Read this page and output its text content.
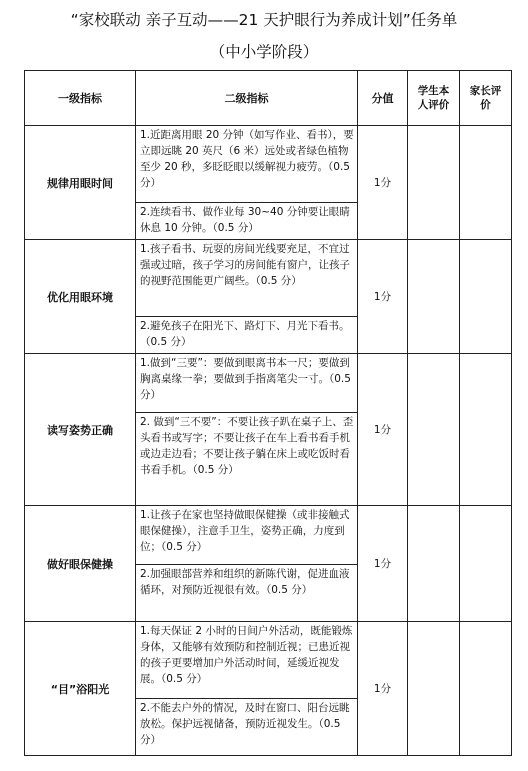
“家校联动 亲子互动——21 天护眼行为养成计划”任务单
（中小学阶段）
一级指标	二级指标	分值	学生本人评价	家长评价
规律用眼时间	1.近距离用眼 20 分钟（如写作业、看书），要立即远眺 20 英尺（6 米）远处或者绿色植物至少 20 秒，多眨眨眼以缓解视力疲劳。（0.5 分）	1分		
	2.连续看书、做作业每 30~40 分钟要让眼睛休息 10 分钟。（0.5 分）			
优化用眼环境	1.孩子看书、玩耍的房间光线要充足，不宜过强或过暗，孩子学习的房间能有窗户，让孩子的视野范围能更广阔些。（0.5 分）	1分		
	2.避免孩子在阳光下、路灯下、月光下看书。（0.5 分）			
读写姿势正确	1.做到“三要”：要做到眼离书本一尺；要做到胸离桌缘一拳；要做到手指离笔尖一寸。（0.5 分）	1分		
	2. 做到“三不要”：不要让孩子趴在桌子上、歪头看书或写字；不要让孩子在车上看书看手机或边走边看；不要让孩子躺在床上或吃饭时看书看手机。（0.5 分）			
做好眼保健操	1.让孩子在家也坚持做眼保健操（或非接触式眼保健操），注意手卫生，姿势正确，力度到位；（0.5 分）	1分		
	2.加强眼部营养和组织的新陈代谢，促进血液循环，对预防近视很有效。（0.5 分）			
“目”浴阳光	1.每天保证 2 小时的日间户外活动，既能锻炼身体，又能够有效预防和控制近视；已患近视的孩子更要增加户外活动时间，延缓近视发展。（0.5 分）	1分		
	2.不能去户外的情况，及时在窗口、阳台远眺放松。保护远视储备，预防近视发生。（0.5 分）			
